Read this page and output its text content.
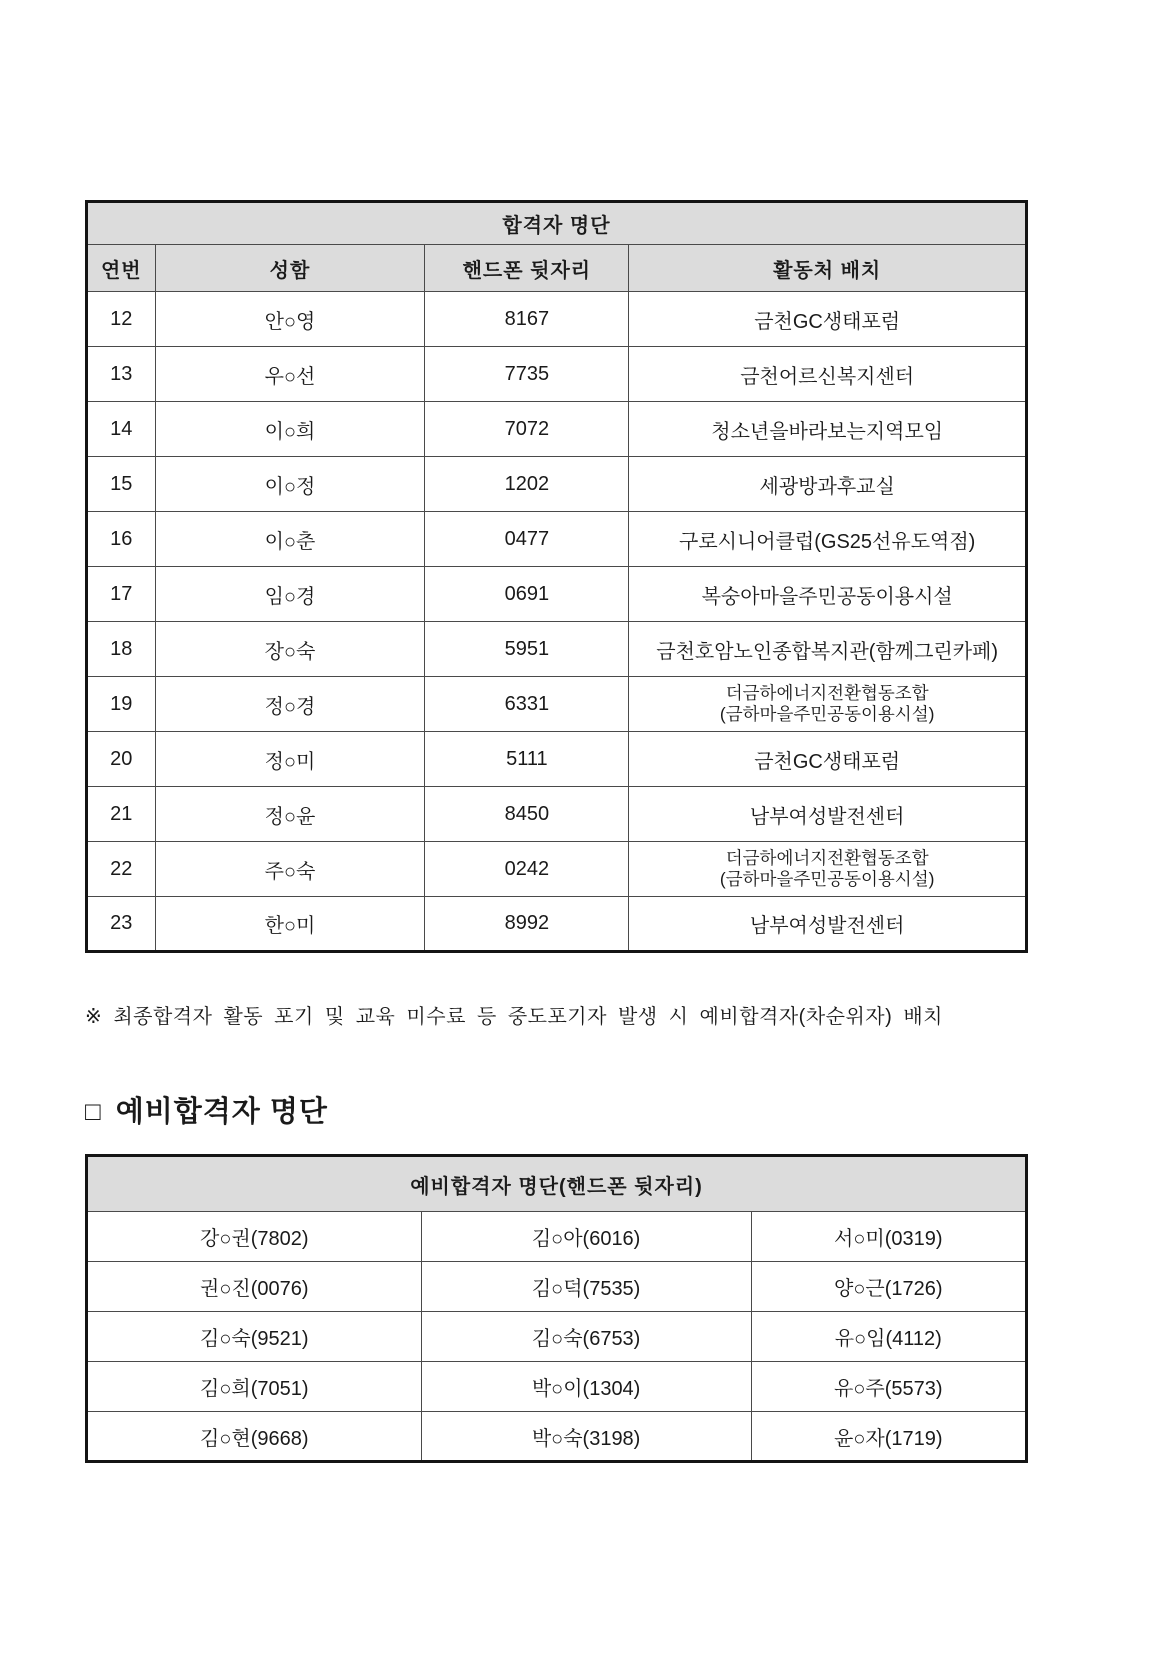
합격자 명단			
연번	성함	핸드폰 뒷자리	활동처 배치
12	안○영	8167	금천GC생태포럼
13	우○선	7735	금천어르신복지센터
14	이○희	7072	청소년을바라보는지역모임
15	이○정	1202	세광방과후교실
16	이○춘	0477	구로시니어클럽(GS25선유도역점)
17	임○경	0691	복숭아마을주민공동이용시설
18	장○숙	5951	금천호암노인종합복지관(함께그린카페)
19	정○경	6331	더금하에너지전환협동조합
(금하마을주민공동이용시설)
20	정○미	5111	금천GC생태포럼
21	정○윤	8450	남부여성발전센터
22	주○숙	0242	더금하에너지전환협동조합
(금하마을주민공동이용시설)
23	한○미	8992	남부여성발전센터
※ 최종합격자 활동 포기 및 교육 미수료 등 중도포기자 발생 시 예비합격자(차순위자) 배치
□ 예비합격자 명단
예비합격자 명단(핸드폰 뒷자리)		
강○권(7802)	김○아(6016)	서○미(0319)
권○진(0076)	김○덕(7535)	양○근(1726)
김○숙(9521)	김○숙(6753)	유○임(4112)
김○희(7051)	박○이(1304)	유○주(5573)
김○현(9668)	박○숙(3198)	윤○자(1719)
